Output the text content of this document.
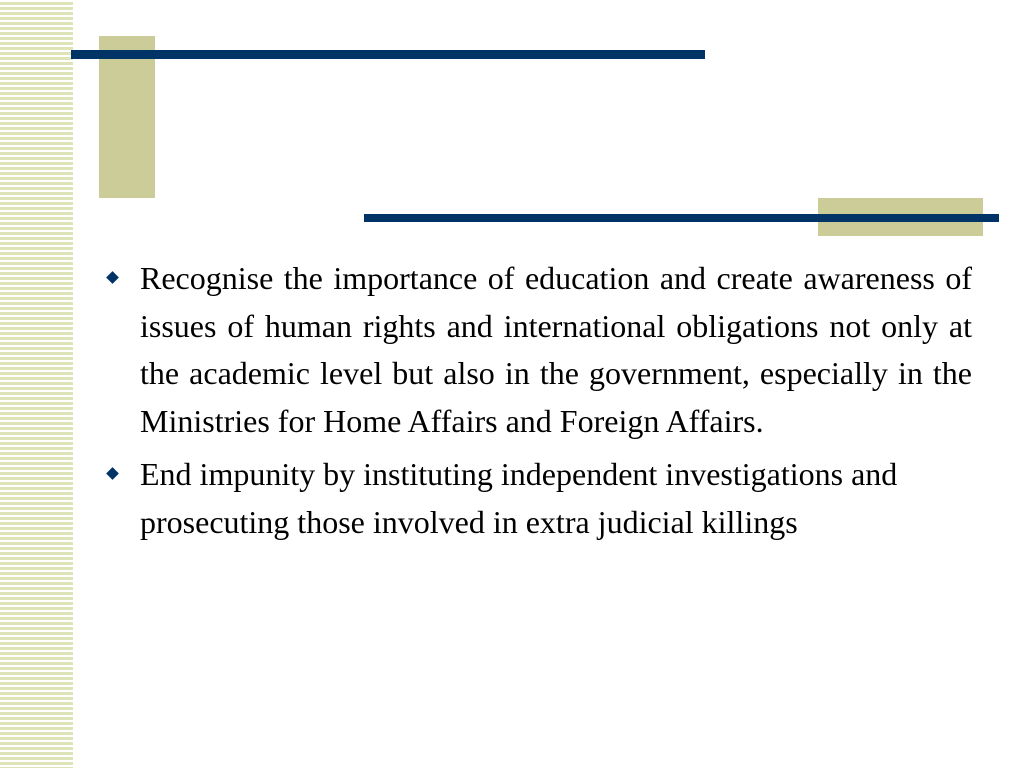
Recognise the importance of education and create awareness of issues of human rights and international obligations not only at the academic level but also in the government, especially in the Ministries for Home Affairs and Foreign Affairs.
End impunity by instituting independent investigations and prosecuting those involved in extra judicial killings
